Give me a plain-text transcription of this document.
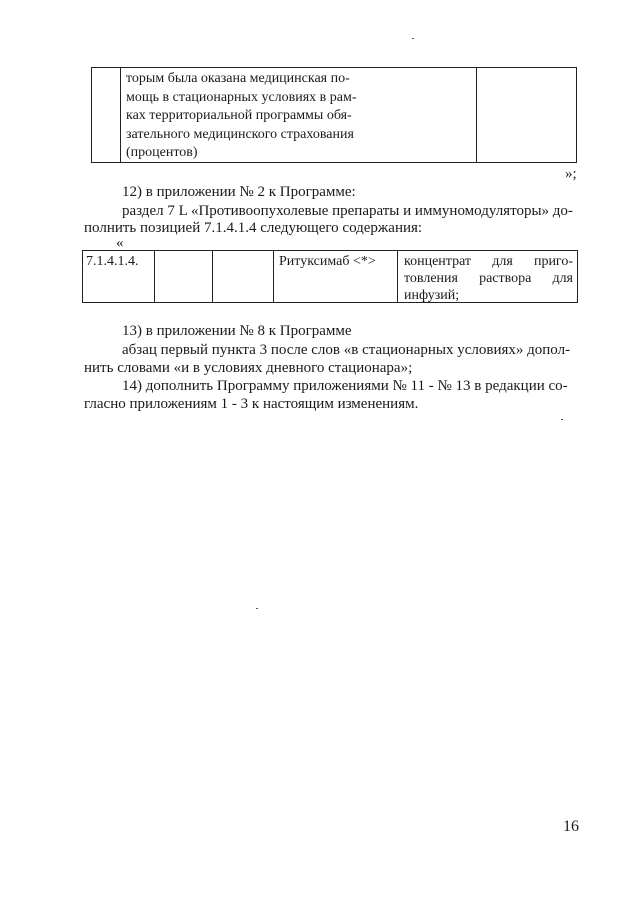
торым была оказана медицинская по-
мощь в стационарных условиях в рам-
ках территориальной программы обя-
зательного медицинского страхования
(процентов)
»;
12) в приложении № 2 к Программе:
раздел 7 L «Противоопухолевые препараты и иммуномодуляторы» до-
полнить позицией 7.1.4.1.4 следующего содержания:
«
7.1.4.1.4.	Ритуксимаб <*>	концентрат для приго-
товления раствора для
инфузий;
13) в приложении № 8 к Программе
абзац первый пункта 3 после слов «в стационарных условиях» допол-
нить словами «и в условиях дневного стационара»;
14) дополнить Программу приложениями № 11 - № 13 в редакции со-
гласно приложениям 1 - 3 к настоящим изменениям.
16
